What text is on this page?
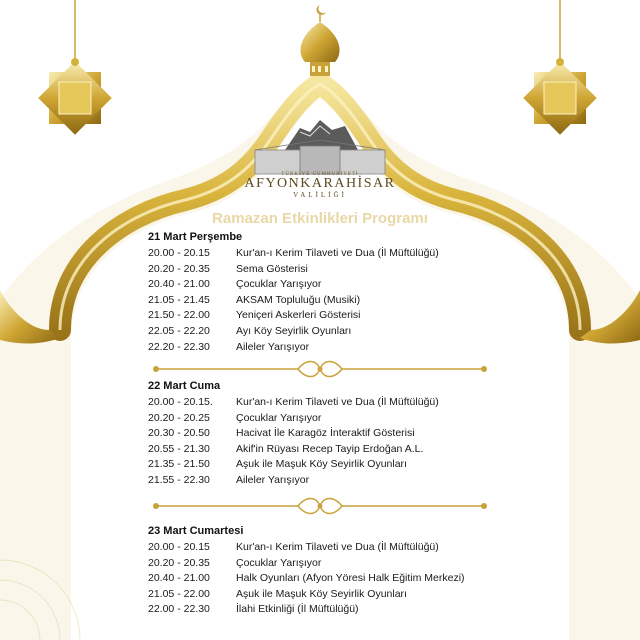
TÜRKİYE CUMHURİYETİ
AFYONKARAHİSAR
VALİLİĞİ
Ramazan Etkinlikleri Programı
21 Mart Perşembe
20.00 - 20.15	Kur'an-ı Kerim Tilaveti ve Dua (İl Müftülüğü)
20.20 - 20.35	Sema Gösterisi
20.40 - 21.00	Çocuklar Yarışıyor
21.05 - 21.45	AKSAM Topluluğu (Musiki)
21.50 - 22.00	Yeniçeri Askerleri Gösterisi
22.05 - 22.20	Ayı Köy Seyirlik Oyunları
22.20 - 22.30	Aileler Yarışıyor
22 Mart Cuma
20.00 - 20.15.	Kur'an-ı Kerim Tilaveti ve Dua (İl Müftülüğü)
20.20 - 20.25	Çocuklar Yarışıyor
20.30 - 20.50	Hacivat İle Karagöz İnteraktif Gösterisi
20.55 - 21.30	Akif'in Rüyası Recep Tayip Erdoğan A.L.
21.35 - 21.50	Aşuk ile Maşuk Köy Seyirlik Oyunları
21.55 - 22.30	Aileler Yarışıyor
23 Mart Cumartesi
20.00 - 20.15	Kur'an-ı Kerim Tilaveti ve Dua (İl Müftülüğü)
20.20 - 20.35	Çocuklar Yarışıyor
20.40 - 21.00	Halk Oyunları (Afyon Yöresi Halk Eğitim Merkezi)
21.05 - 22.00	Aşuk ile Maşuk Köy Seyirlik Oyunları
22.00 - 22.30	İlahi Etkinliği (İl Müftülüğü)
